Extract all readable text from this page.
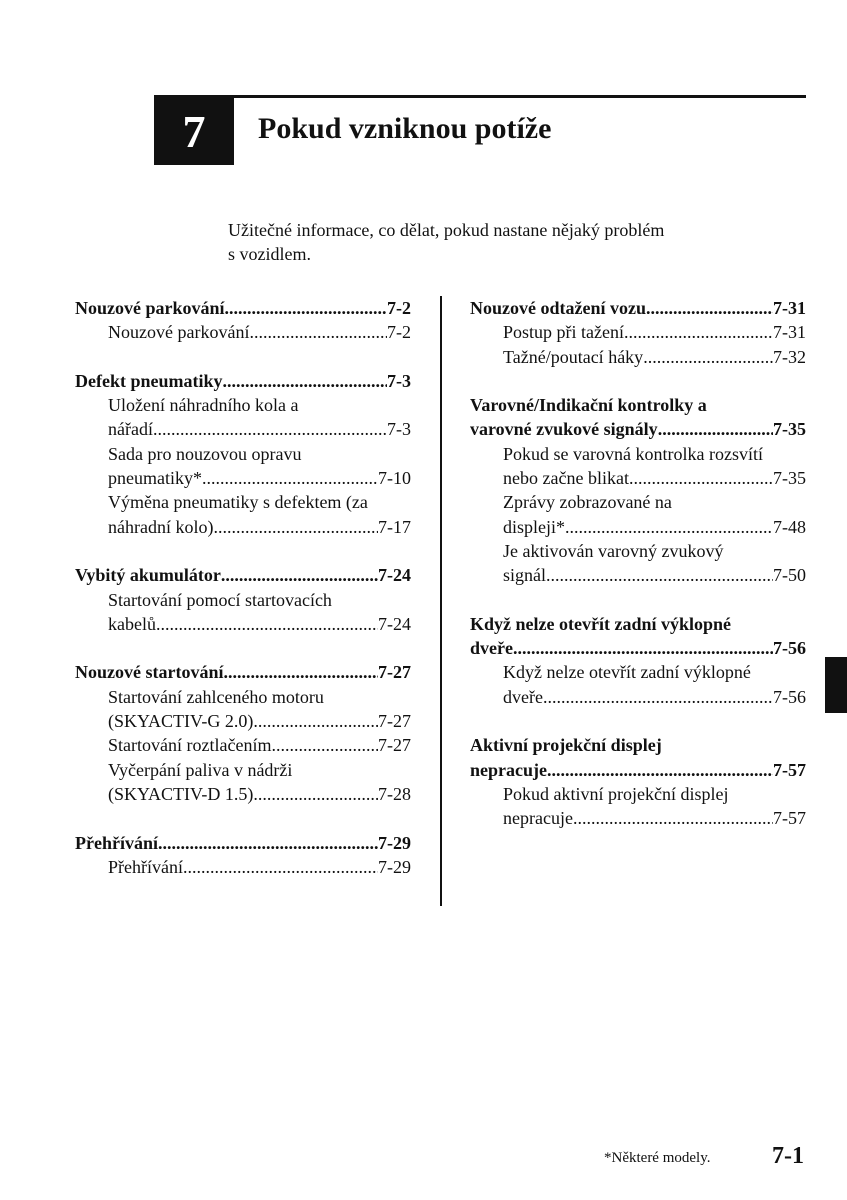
7 Pokud vzniknou potíže
Užitečné informace, co dělat, pokud nastane nějaký problém
s vozidlem.
Nouzové parkování .....	7-2
Nouzové parkování .....	7-2
Defekt pneumatiky .....	7-3
Uložení náhradního kola a
nářadí .....	7-3
Sada pro nouzovou opravu
pneumatiky* .....	7-10
Výměna pneumatiky s defektem (za
náhradní kolo) .....	7-17
Vybitý akumulátor .....	7-24
Startování pomocí startovacích
kabelů .....	7-24
Nouzové startování .....	7-27
Startování zahlceného motoru
(SKYACTIV-G 2.0) .....	7-27
Startování roztlačením .....	7-27
Vyčerpání paliva v nádrži
(SKYACTIV-D 1.5) .....	7-28
Přehřívání .....	7-29
Přehřívání .....	7-29
Nouzové odtažení vozu .....	7-31
Postup při tažení .....	7-31
Tažné/poutací háky .....	7-32
Varovné/Indikační kontrolky a
varovné zvukové signály .....	7-35
Pokud se varovná kontrolka rozsvítí
nebo začne blikat .....	7-35
Zprávy zobrazované na
displeji* .....	7-48
Je aktivován varovný zvukový
signál .....	7-50
Když nelze otevřít zadní výklopné
dveře .....	7-56
Když nelze otevřít zadní výklopné
dveře .....	7-56
Aktivní projekční displej
nepracuje .....	7-57
Pokud aktivní projekční displej
nepracuje .....	7-57
*Některé modely.	7-1
